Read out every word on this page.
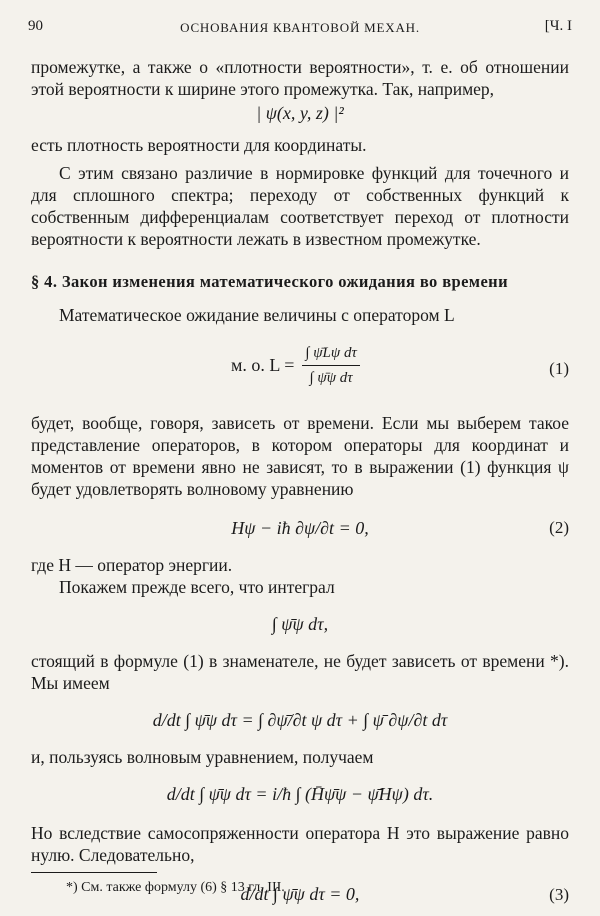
90	ОСНОВАНИЯ КВАНТОВОЙ МЕХАН.	[Ч. I

промежутке, а также о «плотности вероятности», т. е. об отношении этой вероятности к ширине этого промежутка. Так, например,

| ψ(x, y, z) |²

есть плотность вероятности для координаты.

С этим связано различие в нормировке функций для точечного и для сплошного спектра; переходу от собственных функций к собственным дифференциалам соответствует переход от плотности вероятности к вероятности лежать в известном промежутке.

§ 4. Закон изменения математического ожидания во времени

Математическое ожидание величины с оператором L

м. о. $L = \frac{\text{∫ ψ̄Lψ dτ}}{\text{∫ ψ̄ψ dτ}}$	(1)

будет, вообще, говоря, зависеть от времени. Если мы выберем такое представление операторов, в котором операторы для координат и моментов от времени явно не зависят, то в выражении (1) функция ψ будет удовлетворять волновому уравнению

Hψ − iħ ∂ψ/∂t = 0,	(2)

где H — оператор энергии.

Покажем прежде всего, что интеграл

∫ ψ̄ψ dτ,

стоящий в формуле (1) в знаменателе, не будет зависеть от времени *). Мы имеем

d/dt ∫ ψ̄ψ dτ = ∫ ∂ψ̄/∂t ψ dτ + ∫ ψ̄ ∂ψ/∂t dτ

и, пользуясь волновым уравнением, получаем

d/dt ∫ ψ̄ψ dτ = i/ħ ∫ (H̄ψ̄ψ − ψ̄Hψ) dτ.

Но вследствие самосопряженности оператора H это выражение равно нулю. Следовательно,

d/dt ∫ ψ̄ψ dτ = 0,	(3)
*) См. также формулу (6) § 13 гл. III.
